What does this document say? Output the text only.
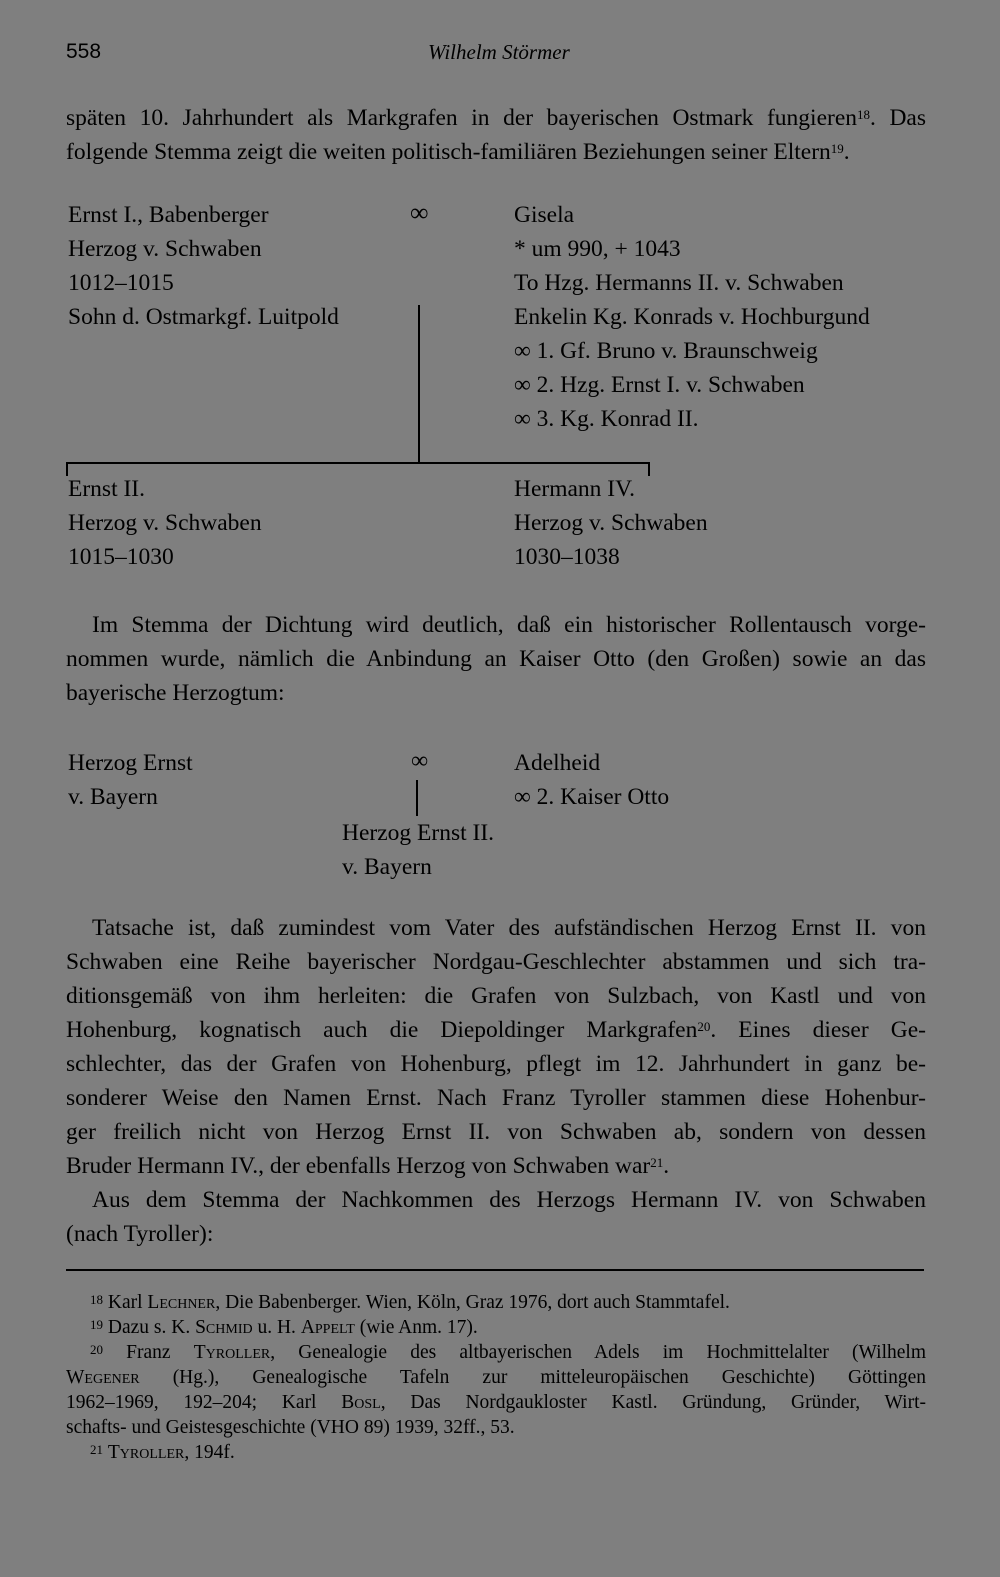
558	Wilhelm Störmer
späten 10. Jahrhundert als Markgrafen in der bayerischen Ostmark fungieren$^{18}$. Das
folgende Stemma zeigt die weiten politisch-familiären Beziehungen seiner Eltern$^{19}$.
Ernst I., Babenberger
Herzog v. Schwaben
1012–1015
Sohn d. Ostmarkgf. Luitpold
∞	Gisela
* um 990, + 1043
To Hzg. Hermanns II. v. Schwaben
Enkelin Kg. Konrads v. Hochburgund
∞ 1. Gf. Bruno v. Braunschweig
∞ 2. Hzg. Ernst I. v. Schwaben
∞ 3. Kg. Konrad II.
Ernst II.
Herzog v. Schwaben
1015–1030
Hermann IV.
Herzog v. Schwaben
1030–1038
Im Stemma der Dichtung wird deutlich, daß ein historischer Rollentausch vorge-
nommen wurde, nämlich die Anbindung an Kaiser Otto (den Großen) sowie an das
bayerische Herzogtum:
Herzog Ernst
v. Bayern
∞	Adelheid
∞ 2. Kaiser Otto
Herzog Ernst II.
v. Bayern
Tatsache ist, daß zumindest vom Vater des aufständischen Herzog Ernst II. von
Schwaben eine Reihe bayerischer Nordgau-Geschlechter abstammen und sich tra-
ditionsgemäß von ihm herleiten: die Grafen von Sulzbach, von Kastl und von
Hohenburg, kognatisch auch die Diepoldinger Markgrafen$^{20}$. Eines dieser Ge-
schlechter, das der Grafen von Hohenburg, pflegt im 12. Jahrhundert in ganz be-
sonderer Weise den Namen Ernst. Nach Franz Tyroller stammen diese Hohenbur-
ger freilich nicht von Herzog Ernst II. von Schwaben ab, sondern von dessen
Bruder Hermann IV., der ebenfalls Herzog von Schwaben war$^{21}$.
Aus dem Stemma der Nachkommen des Herzogs Hermann IV. von Schwaben
(nach Tyroller):
$^{18}$ Karl Lechner, Die Babenberger. Wien, Köln, Graz 1976, dort auch Stammtafel.
$^{19}$ Dazu s. K. Schmid u. H. Appelt (wie Anm. 17).
$^{20}$ Franz Tyroller, Genealogie des altbayerischen Adels im Hochmittelalter (Wilhelm
Wegener (Hg.), Genealogische Tafeln zur mitteleuropäischen Geschichte) Göttingen
1962–1969, 192–204; Karl Bosl, Das Nordgaukloster Kastl. Gründung, Gründer, Wirt-
schafts- und Geistesgeschichte (VHO 89) 1939, 32ff., 53.
$^{21}$ Tyroller, 194f.
